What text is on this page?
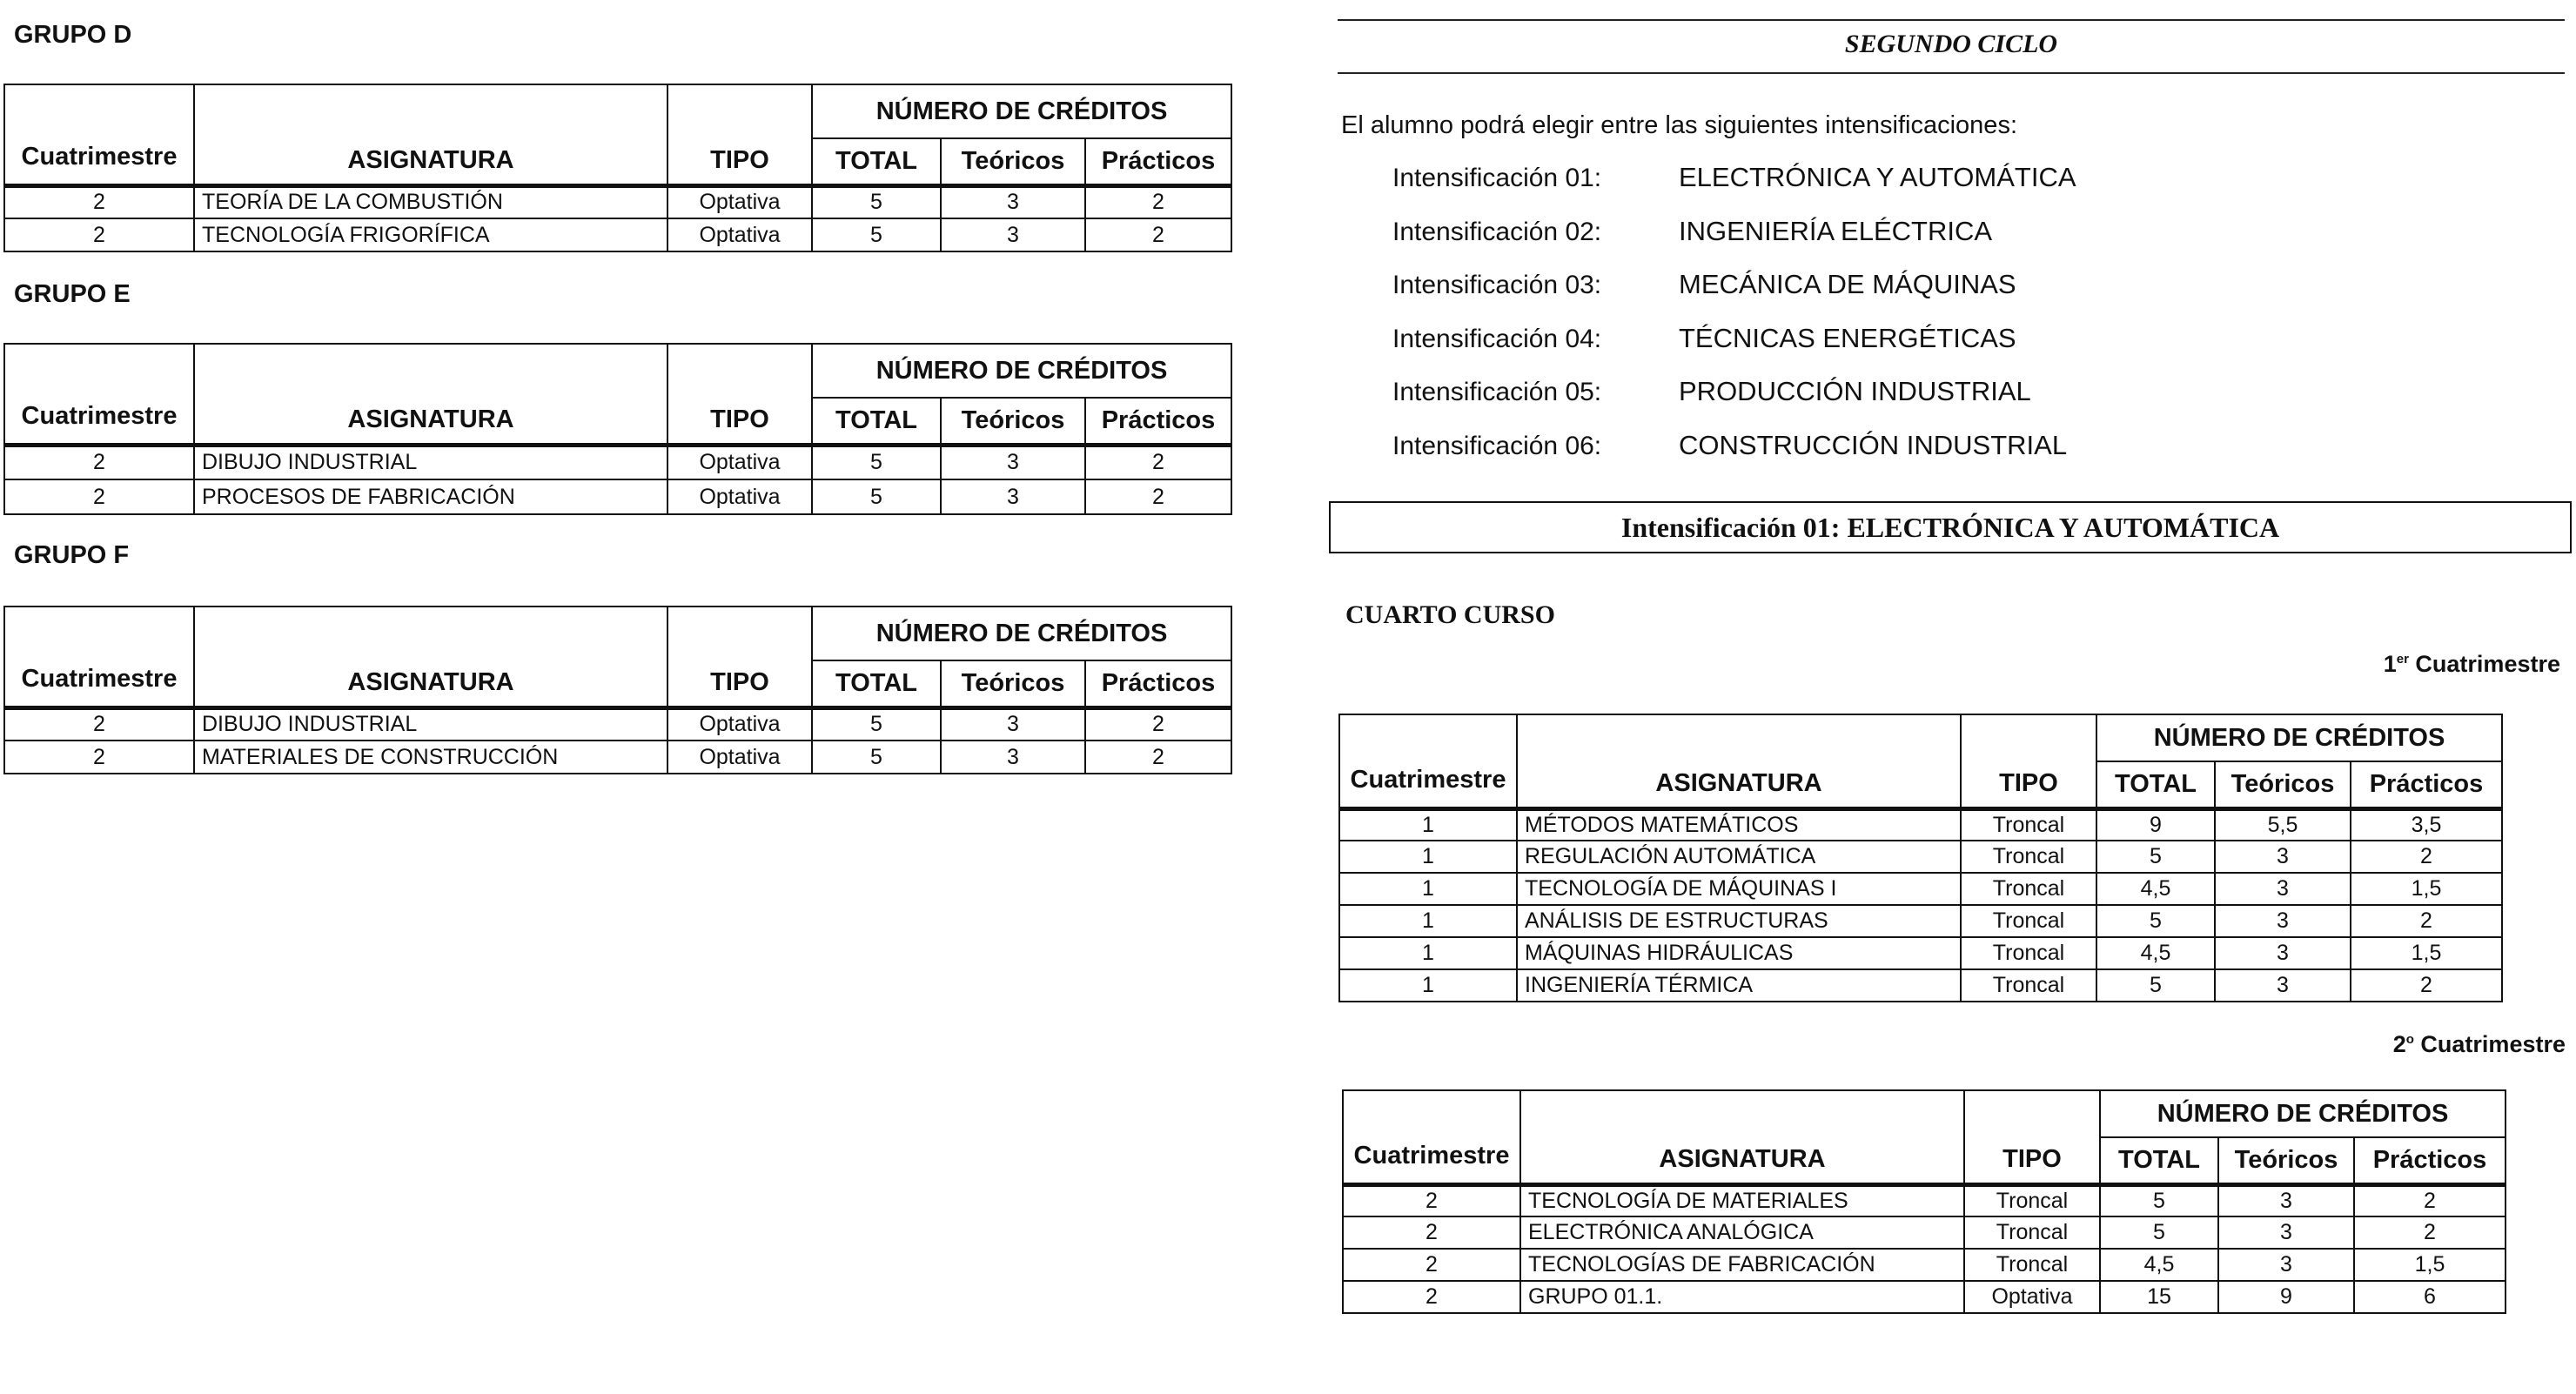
GRUPO D
Cuatrimestre	ASIGNATURA	TIPO	NÚMERO DE CRÉDITOS		
			TOTAL	Teóricos	Prácticos
2	TEORÍA DE LA COMBUSTIÓN	Optativa	5	3	2
2	TECNOLOGÍA FRIGORÍFICA	Optativa	5	3	2
GRUPO E
Cuatrimestre	ASIGNATURA	TIPO	NÚMERO DE CRÉDITOS		
			TOTAL	Teóricos	Prácticos
2	DIBUJO INDUSTRIAL	Optativa	5	3	2
2	PROCESOS DE FABRICACIÓN	Optativa	5	3	2
GRUPO F
Cuatrimestre	ASIGNATURA	TIPO	NÚMERO DE CRÉDITOS		
			TOTAL	Teóricos	Prácticos
2	DIBUJO INDUSTRIAL	Optativa	5	3	2
2	MATERIALES DE CONSTRUCCIÓN	Optativa	5	3	2
SEGUNDO CICLO
El alumno podrá elegir entre las siguientes intensificaciones:
Intensificación 01:	ELECTRÓNICA Y AUTOMÁTICA
Intensificación 02:	INGENIERÍA ELÉCTRICA
Intensificación 03:	MECÁNICA DE MÁQUINAS
Intensificación 04:	TÉCNICAS ENERGÉTICAS
Intensificación 05:	PRODUCCIÓN INDUSTRIAL
Intensificación 06:	CONSTRUCCIÓN INDUSTRIAL
Intensificación 01: ELECTRÓNICA Y AUTOMÁTICA
CUARTO CURSO
1er Cuatrimestre
Cuatrimestre	ASIGNATURA	TIPO	NÚMERO DE CRÉDITOS		
			TOTAL	Teóricos	Prácticos
1	MÉTODOS MATEMÁTICOS	Troncal	9	5,5	3,5
1	REGULACIÓN AUTOMÁTICA	Troncal	5	3	2
1	TECNOLOGÍA DE MÁQUINAS I	Troncal	4,5	3	1,5
1	ANÁLISIS DE ESTRUCTURAS	Troncal	5	3	2
1	MÁQUINAS HIDRÁULICAS	Troncal	4,5	3	1,5
1	INGENIERÍA TÉRMICA	Troncal	5	3	2
2$^o$ Cuatrimestre
Cuatrimestre	ASIGNATURA	TIPO	NÚMERO DE CRÉDITOS		
			TOTAL	Teóricos	Prácticos
2	TECNOLOGÍA DE MATERIALES	Troncal	5	3	2
2	ELECTRÓNICA ANALÓGICA	Troncal	5	3	2
2	TECNOLOGÍAS DE FABRICACIÓN	Troncal	4,5	3	1,5
2	GRUPO 01.1.	Optativa	15	9	6
